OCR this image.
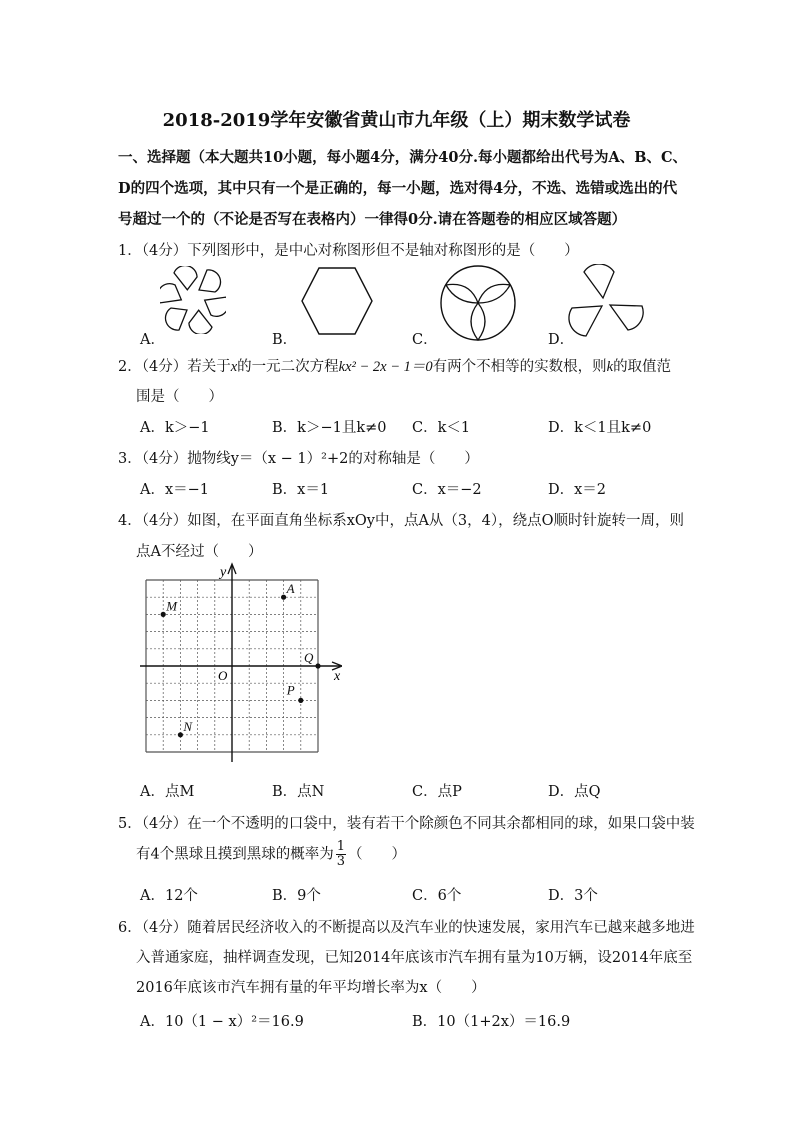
2018-2019学年安徽省黄山市九年级（上）期末数学试卷
一、选择题（本大题共10小题，每小题4分，满分40分.每小题都给出代号为A、B、C、
D的四个选项，其中只有一个是正确的，每一小题，选对得4分，不选、选错或选出的代
号超过一个的（不论是否写在表格内）一律得0分.请在答题卷的相应区域答题）
1．（4分）下列图形中，是中心对称图形但不是轴对称图形的是（　　）
A．	B．	C．	D．
2．（4分）若关于x的一元二次方程kx² − 2x − 1＝0有两个不相等的实数根，则k的取值范
围是（　　）
A．k＞−1	B．k＞−1且k≠0 C．k＜1	D．k＜1且k≠0
3．（4分）抛物线y＝（x − 1）²+2的对称轴是（　　）
A．x＝−1	B．x＝1	C．x＝−2	D．x＝2
4．（4分）如图，在平面直角坐标系xOy中，点A从（3，4），绕点O顺时针旋转一周，则
点A不经过（　　）
y
x
O
A
M
Q
P
N
A．点M	B．点N	C．点P	D．点Q
5．（4分）在一个不透明的口袋中，装有若干个除颜色不同其余都相同的球，如果口袋中装
有4个黑球且摸到黑球的概率为 $\frac{1}{3}$ （　　）
A．12个	B．9个	C．6个	D．3个
6．（4分）随着居民经济收入的不断提高以及汽车业的快速发展，家用汽车已越来越多地进
入普通家庭，抽样调查发现，已知2014年底该市汽车拥有量为10万辆，设2014年底至
2016年底该市汽车拥有量的年平均增长率为x（　　）
A．10（1 − x）²＝16.9	B．10（1+2x）＝16.9
